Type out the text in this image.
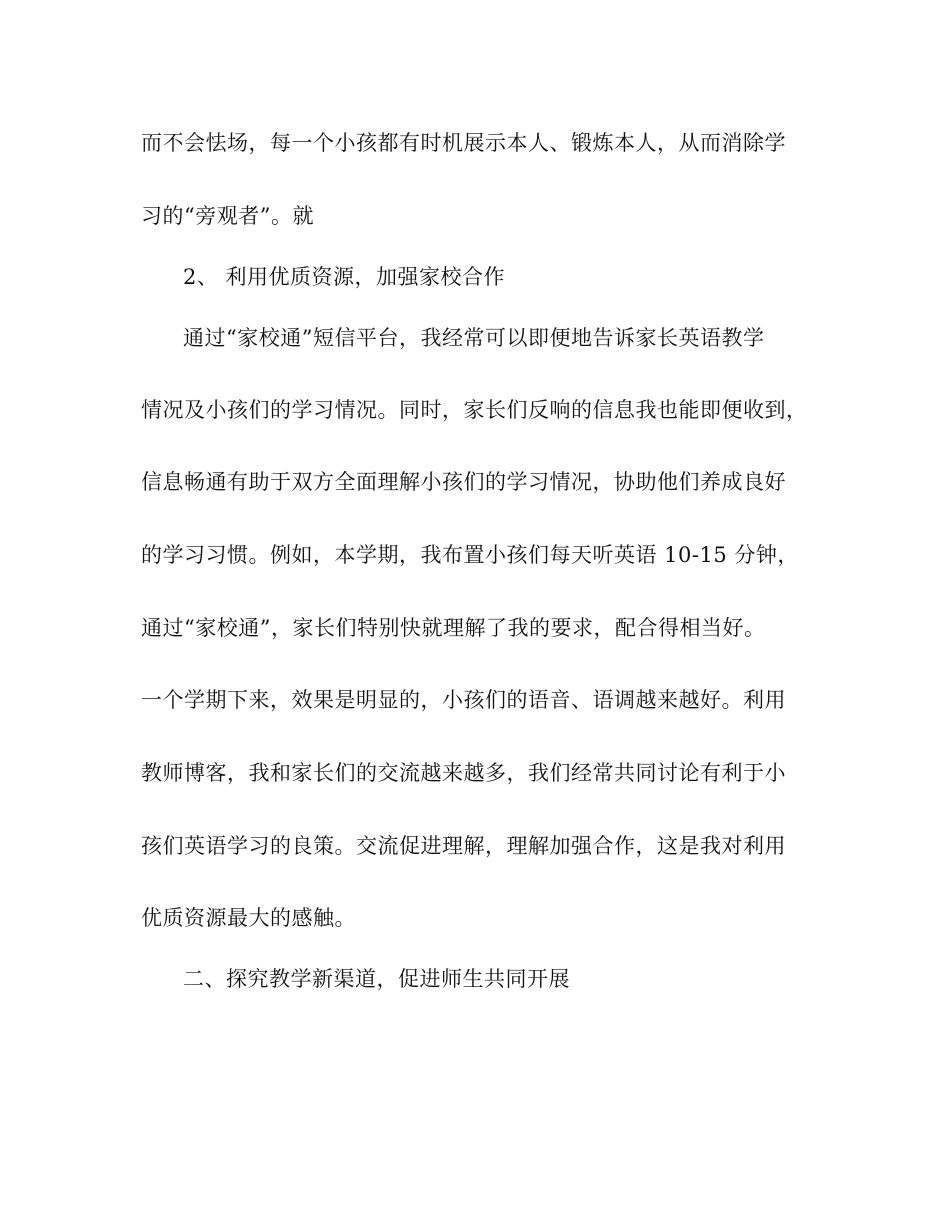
而不会怯场，每一个小孩都有时机展示本人、锻炼本人，从而消除学
习的“旁观者”。就
2、 利用优质资源，加强家校合作
通过“家校通”短信平台，我经常可以即便地告诉家长英语教学
情况及小孩们的学习情况。同时，家长们反响的信息我也能即便收到，
信息畅通有助于双方全面理解小孩们的学习情况，协助他们养成良好
的学习习惯。例如，本学期，我布置小孩们每天听英语 10-15 分钟，
通过“家校通”，家长们特别快就理解了我的要求，配合得相当好。
一个学期下来，效果是明显的，小孩们的语音、语调越来越好。利用
教师博客，我和家长们的交流越来越多，我们经常共同讨论有利于小
孩们英语学习的良策。交流促进理解，理解加强合作，这是我对利用
优质资源最大的感触。
二、探究教学新渠道，促进师生共同开展
